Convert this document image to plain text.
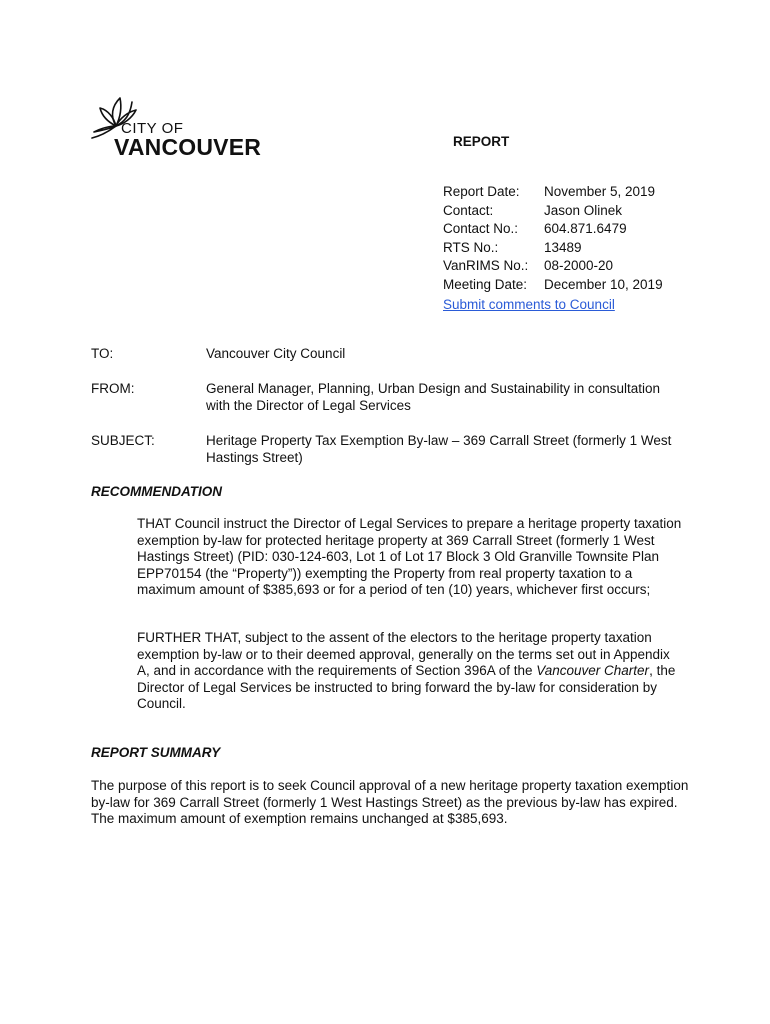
CITY OF
VANCOUVER	REPORT
Report Date:	November 5, 2019
Contact:	Jason Olinek
Contact No.:	604.871.6479
RTS No.:	13489
VanRIMS No.:	08-2000-20
Meeting Date:	December 10, 2019
Submit comments to Council
TO:	Vancouver City Council
FROM:	General Manager, Planning, Urban Design and Sustainability in consultation with the Director of Legal Services
SUBJECT:	Heritage Property Tax Exemption By-law – 369 Carrall Street (formerly 1 West Hastings Street)
RECOMMENDATION

THAT Council instruct the Director of Legal Services to prepare a heritage property taxation exemption by-law for protected heritage property at 369 Carrall Street (formerly 1 West Hastings Street) (PID: 030-124-603, Lot 1 of Lot 17 Block 3 Old Granville Townsite Plan EPP70154 (the “Property”)) exempting the Property from real property taxation to a maximum amount of $385,693 or for a period of ten (10) years, whichever first occurs;

FURTHER THAT, subject to the assent of the electors to the heritage property taxation exemption by-law or to their deemed approval, generally on the terms set out in Appendix A, and in accordance with the requirements of Section 396A of the Vancouver Charter, the Director of Legal Services be instructed to bring forward the by-law for consideration by Council.

REPORT SUMMARY

The purpose of this report is to seek Council approval of a new heritage property taxation exemption by-law for 369 Carrall Street (formerly 1 West Hastings Street) as the previous by-law has expired. The maximum amount of exemption remains unchanged at $385,693.
